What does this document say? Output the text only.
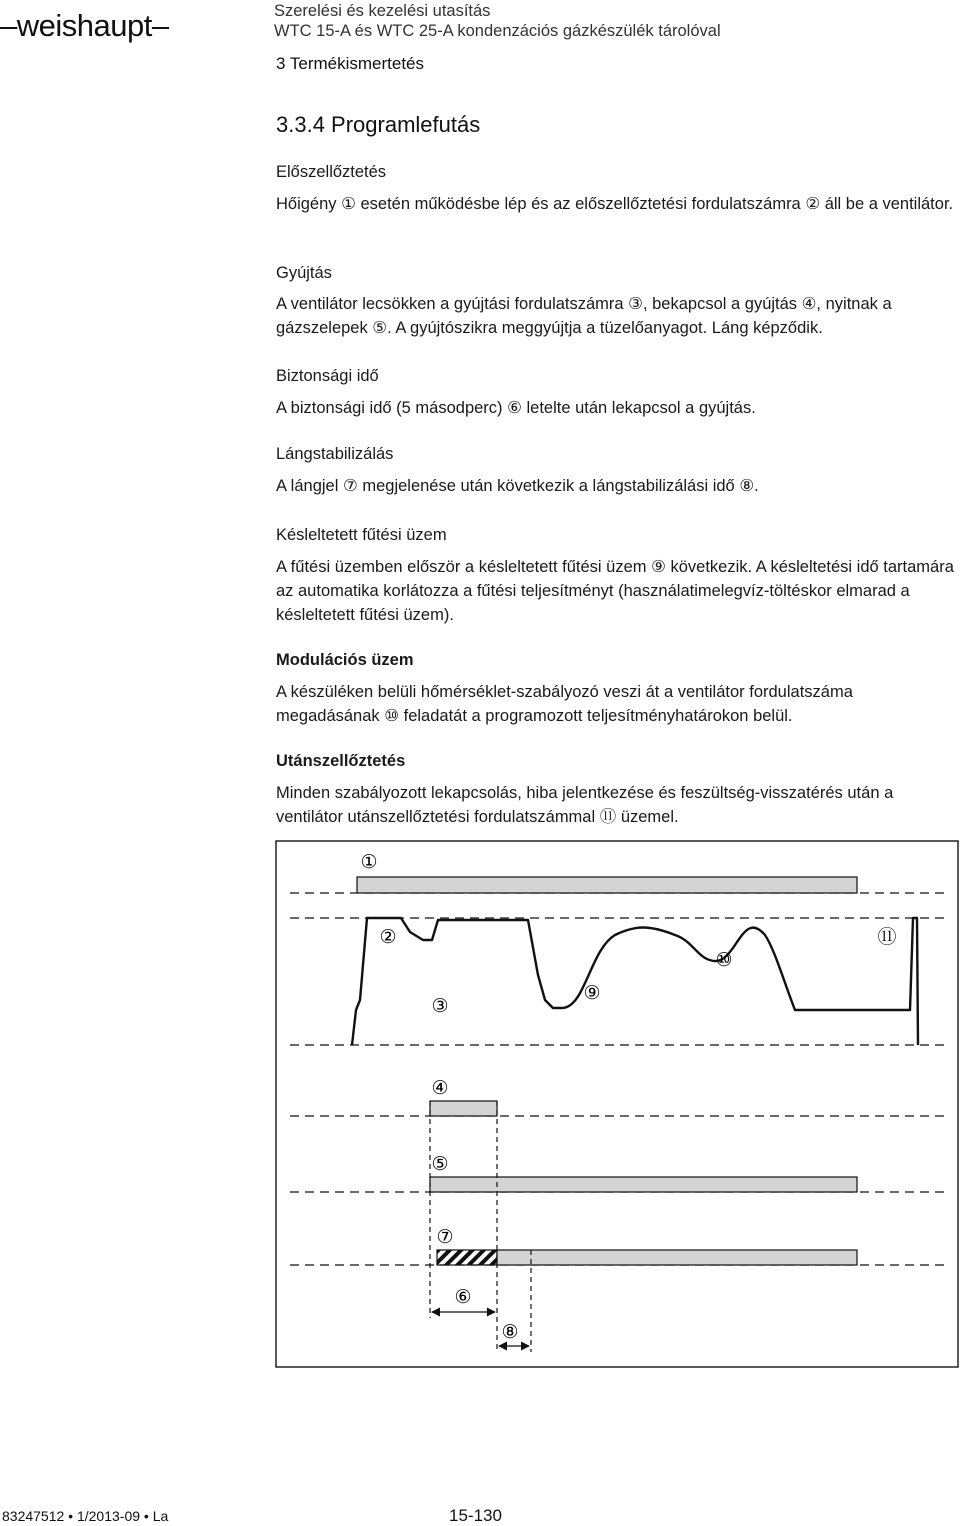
–weishaupt–	Szerelési és kezelési utasítás
WTC 15-A és WTC 25-A kondenzációs gázkészülék tárolóval
3 Termékismertetés
3.3.4 Programlefutás
Előszellőztetés
Hőigény ① esetén működésbe lép és az előszellőztetési fordulatszámra ② áll be a ventilátor.
Gyújtás
A ventilátor lecsökken a gyújtási fordulatszámra ③, bekapcsol a gyújtás ④, nyitnak a gázszelepek ⑤. A gyújtószikra meggyújtja a tüzelőanyagot. Láng képződik.
Biztonsági idő
A biztonsági idő (5 másodperc) ⑥ letelte után lekapcsol a gyújtás.
Lángstabilizálás
A lángjel ⑦ megjelenése után következik a lángstabilizálási idő ⑧.
Késleltetett fűtési üzem
A fűtési üzemben először a késleltetett fűtési üzem ⑨ következik. A késleltetési idő tartamára az automatika korlátozza a fűtési teljesítményt (használatimelegvíz-töltéskor elmarad a késleltetett fűtési üzem).
Modulációs üzem
A készüléken belüli hőmérséklet-szabályozó veszi át a ventilátor fordulatszáma megadásának ⑩ feladatát a programozott teljesítményhatárokon belül.
Utánszellőztetés
Minden szabályozott lekapcsolás, hiba jelentkezése és feszültség-visszatérés után a ventilátor utánszellőztetési fordulatszámmal ⑪ üzemel.
①
②
③
⑨
⑩
⑪
④
⑤
⑦
⑥
⑧
83247512 • 1/2013-09 • La	15-130
